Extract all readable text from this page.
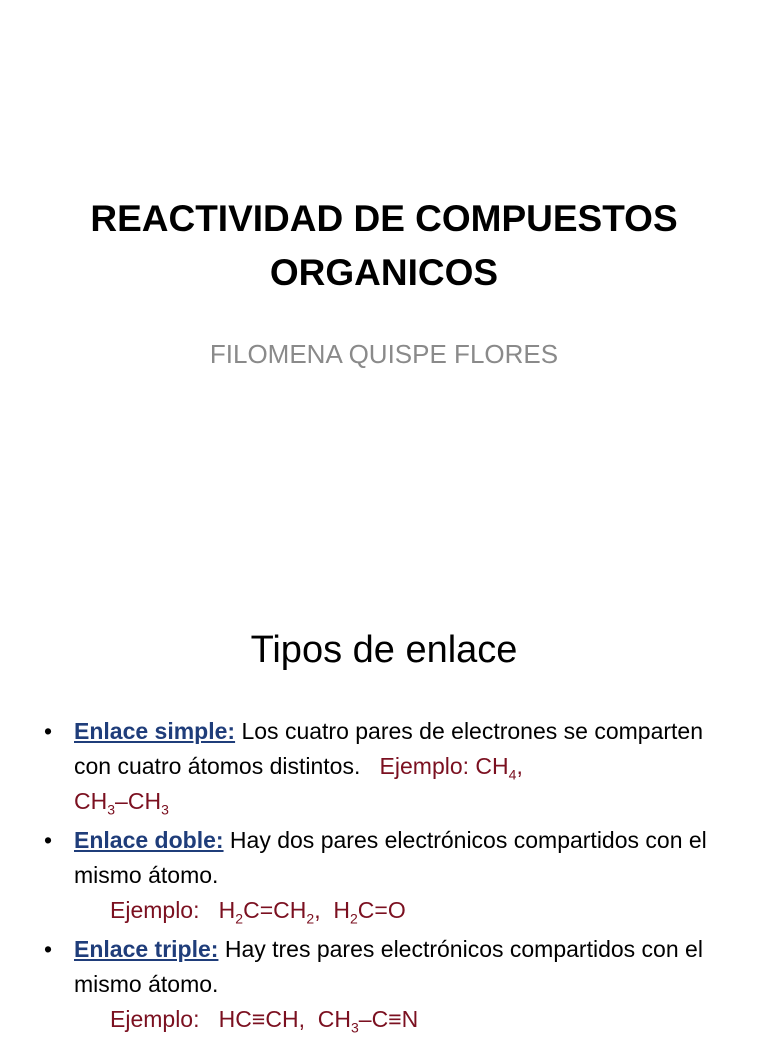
REACTIVIDAD DE COMPUESTOS
ORGANICOS
FILOMENA QUISPE FLORES
Tipos de enlace
• Enlace simple: Los cuatro pares de electrones se comparten con cuatro átomos distintos. Ejemplo: $CH_4$,
$CH_3-CH_3$
• Enlace doble: Hay dos pares electrónicos compartidos con el mismo átomo.
Ejemplo: $H_2C=CH_2$, $H_2C=O$
• Enlace triple: Hay tres pares electrónicos compartidos con el mismo átomo.
Ejemplo: HC≡CH,  $CH_3-C\equiv N$
